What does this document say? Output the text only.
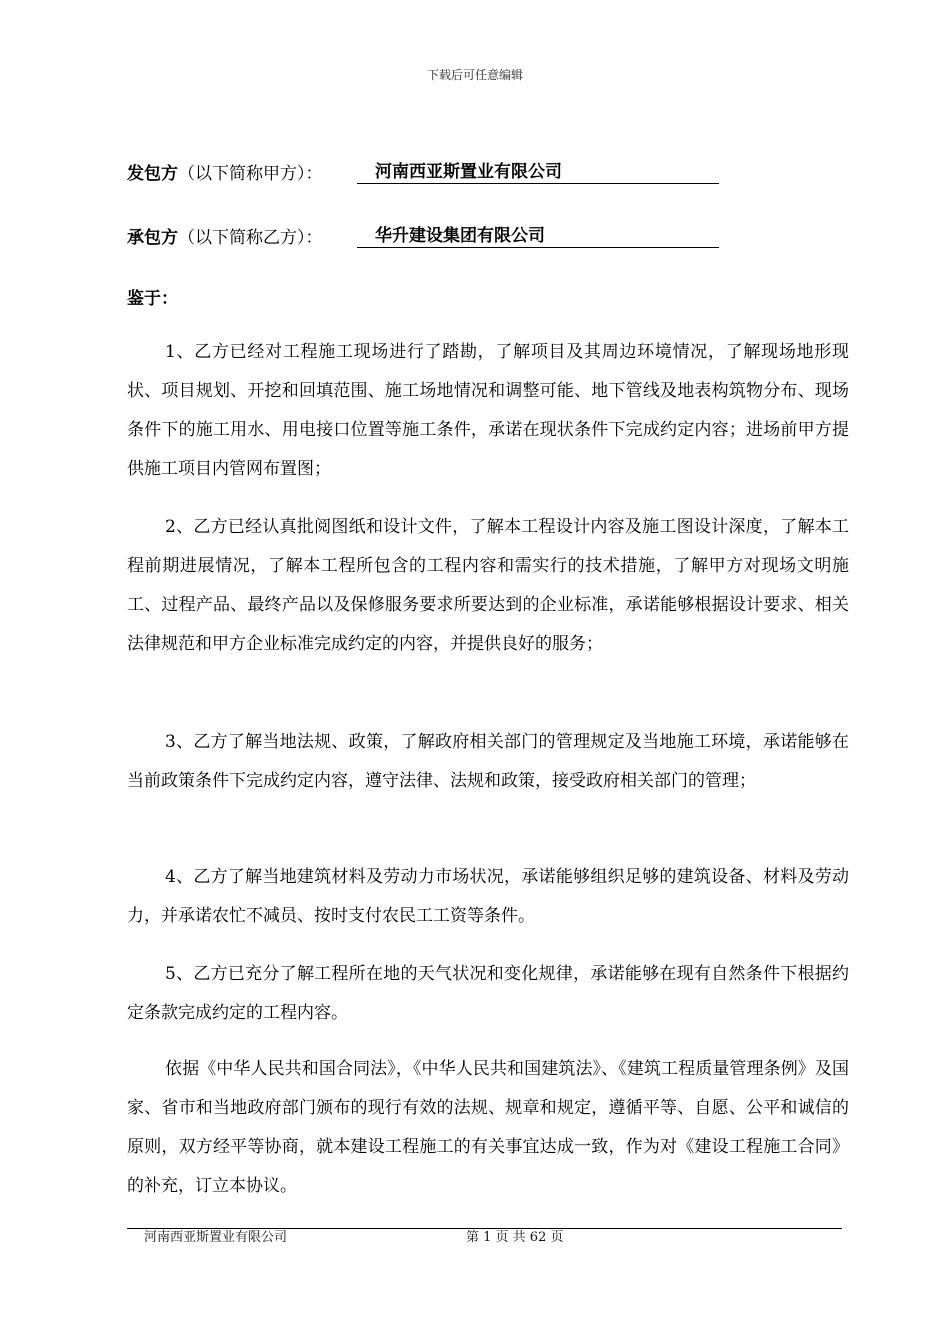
下载后可任意编辑
发包方（以下简称甲方）：	河南西亚斯置业有限公司
承包方（以下简称乙方）：	华升建设集团有限公司
鉴于：

1、乙方已经对工程施工现场进行了踏勘，了解项目及其周边环境情况，了解现场地形现状、项目规划、开挖和回填范围、施工场地情况和调整可能、地下管线及地表构筑物分布、现场条件下的施工用水、用电接口位置等施工条件，承诺在现状条件下完成约定内容；进场前甲方提供施工项目内管网布置图；

2、乙方已经认真批阅图纸和设计文件，了解本工程设计内容及施工图设计深度，了解本工程前期进展情况，了解本工程所包含的工程内容和需实行的技术措施，了解甲方对现场文明施工、过程产品、最终产品以及保修服务要求所要达到的企业标准，承诺能够根据设计要求、相关法律规范和甲方企业标准完成约定的内容，并提供良好的服务；

3、乙方了解当地法规、政策，了解政府相关部门的管理规定及当地施工环境，承诺能够在当前政策条件下完成约定内容，遵守法律、法规和政策，接受政府相关部门的管理；

4、乙方了解当地建筑材料及劳动力市场状况，承诺能够组织足够的建筑设备、材料及劳动力，并承诺农忙不减员、按时支付农民工工资等条件。

5、乙方已充分了解工程所在地的天气状况和变化规律，承诺能够在现有自然条件下根据约定条款完成约定的工程内容。

依据《中华人民共和国合同法》，《中华人民共和国建筑法》、《建筑工程质量管理条例》及国家、省市和当地政府部门颁布的现行有效的法规、规章和规定，遵循平等、自愿、公平和诚信的原则，双方经平等协商，就本建设工程施工的有关事宜达成一致，作为对《建设工程施工合同》的补充，订立本协议。

河南西亚斯置业有限公司	第 1 页 共 62 页
